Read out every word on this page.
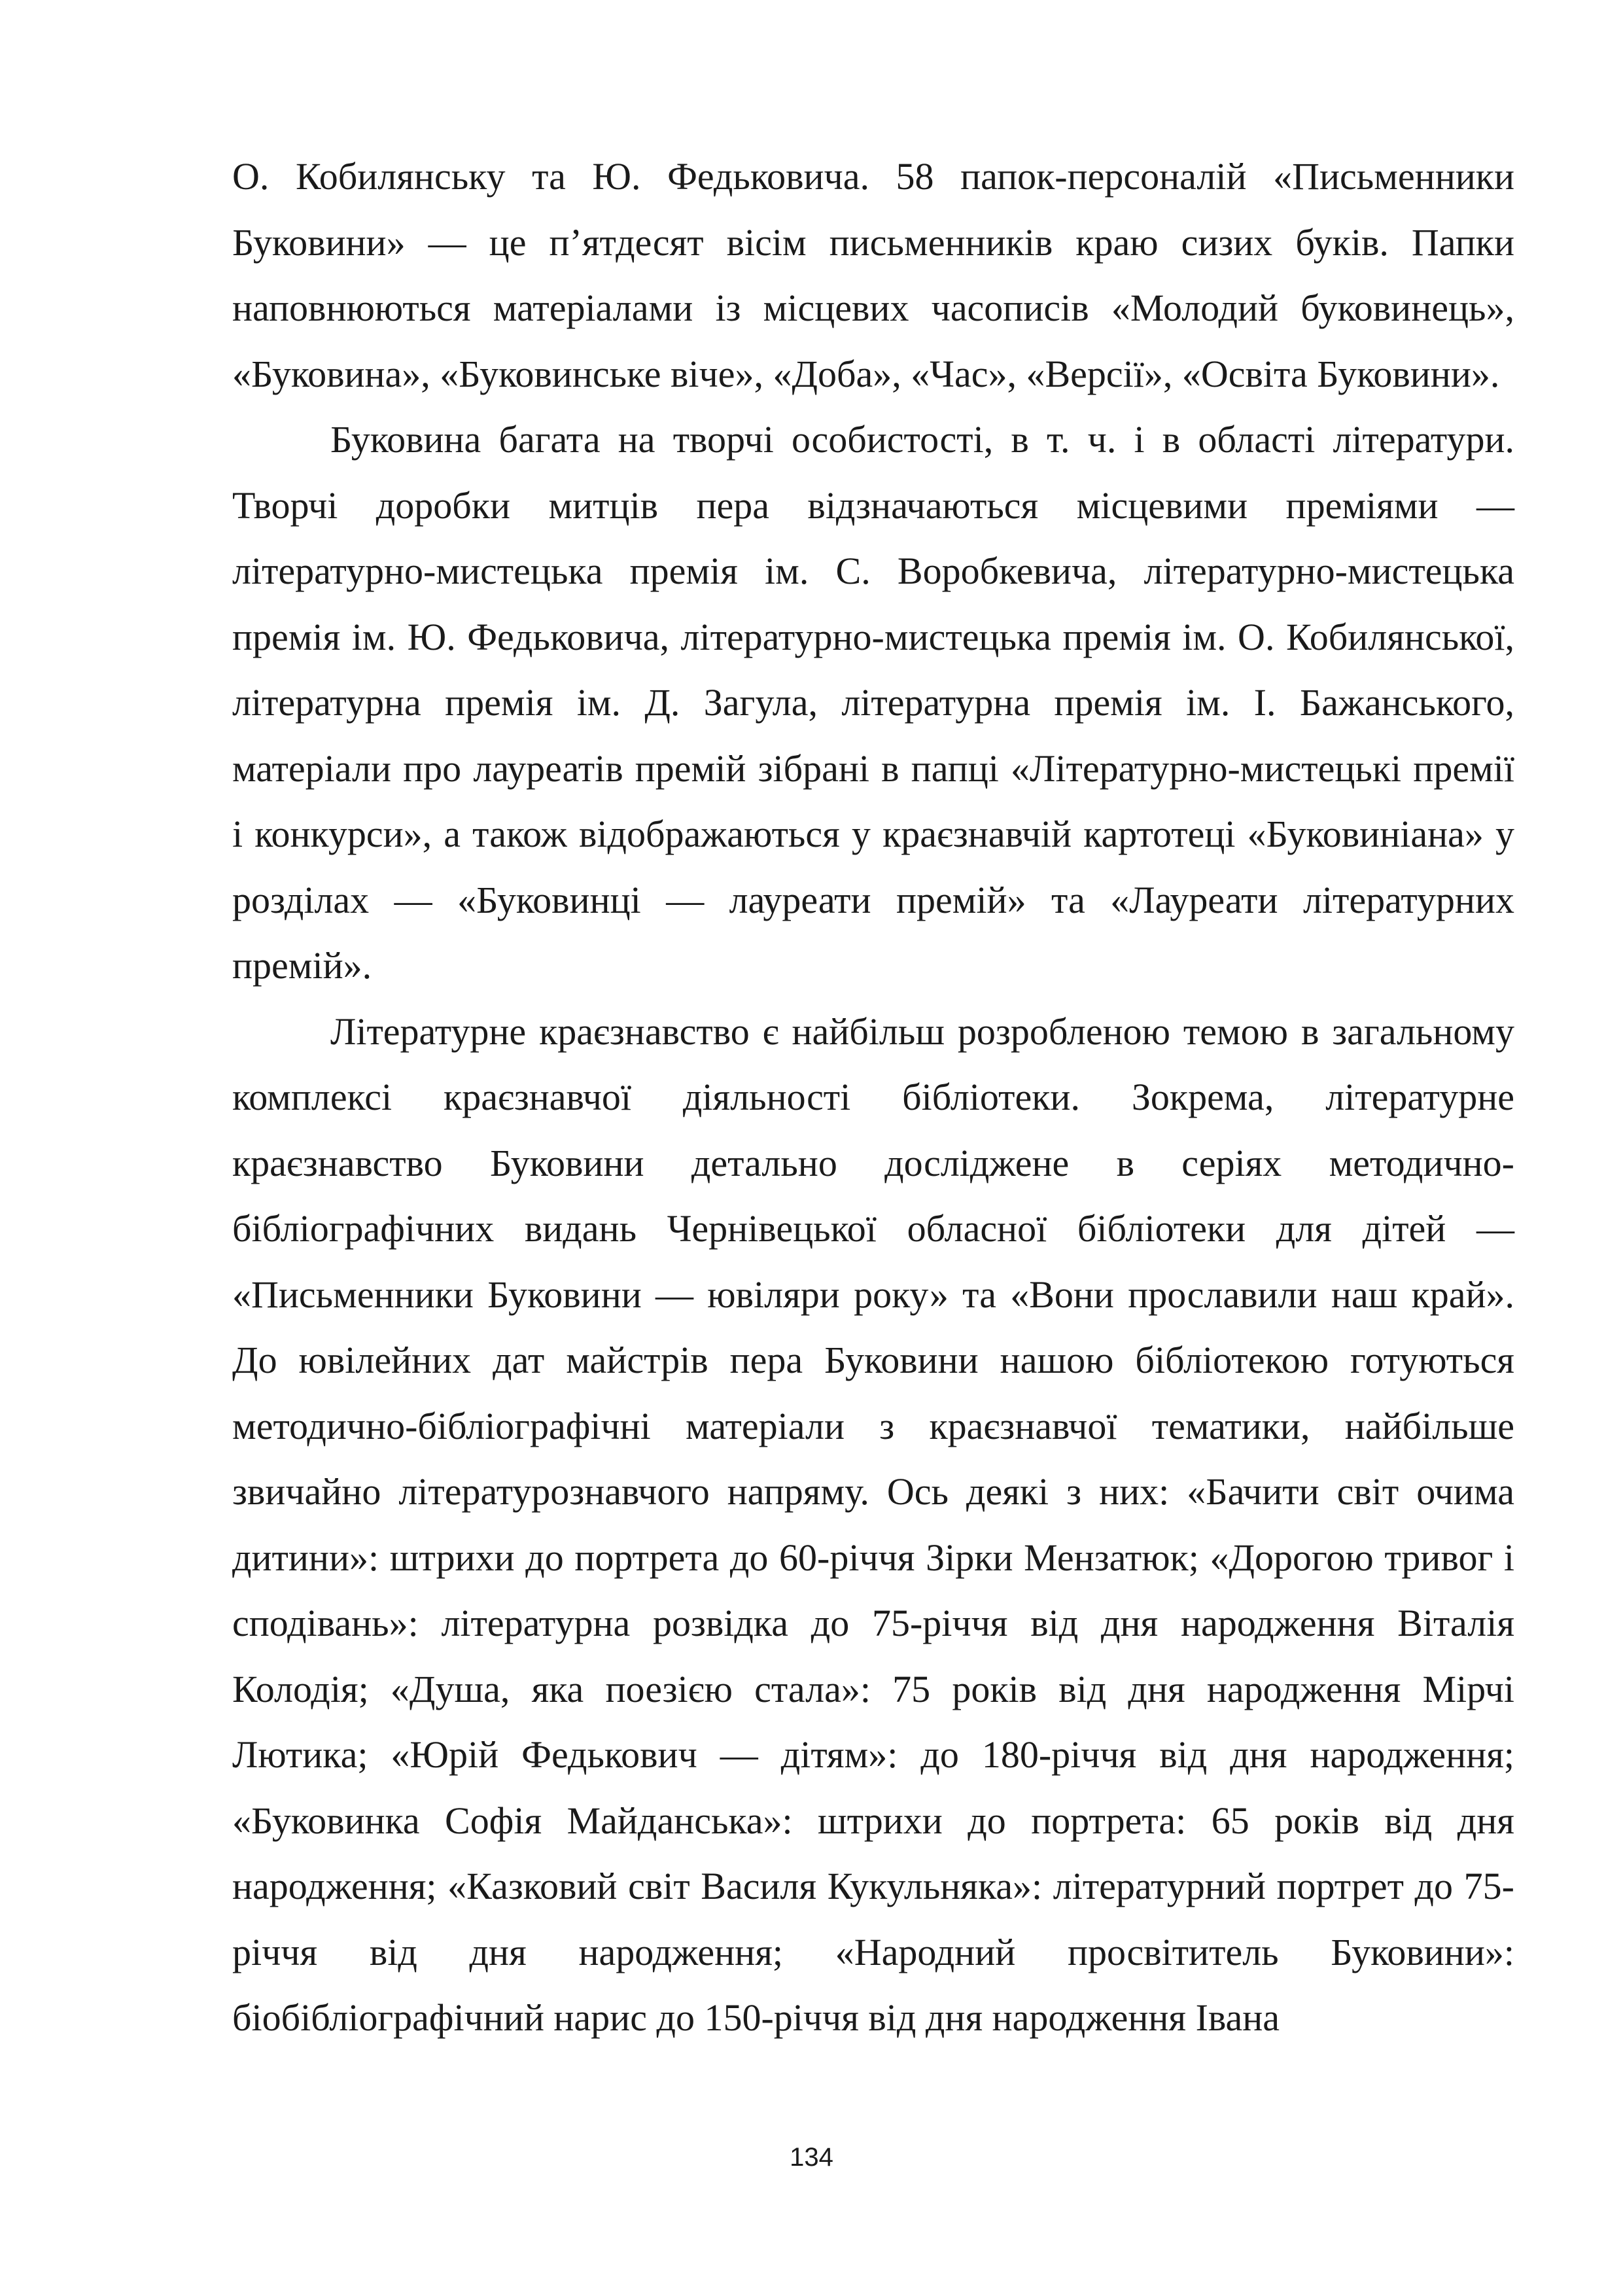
О. Кобилянську та Ю. Федьковича. 58 папок-персоналій «Письменники Буковини» — це п’ятдесят вісім письменників краю сизих буків. Папки наповнюються матеріалами із місцевих часописів «Молодий буковинець», «Буковина», «Буковинське віче», «Доба», «Час», «Версії», «Освіта Буковини».

Буковина багата на творчі особистості, в т. ч. і в області літератури. Творчі доробки митців пера відзначаються місцевими преміями — літературно-мистецька премія ім. С. Воробкевича, літературно-мистецька премія ім. Ю. Федьковича, літературно-мистецька премія ім. О. Кобилянської, літературна премія ім. Д. Загула, літературна премія ім. І. Бажанського, матеріали про лауреатів премій зібрані в папці «Літературно-мистецькі премії і конкурси», а також відображаються у краєзнавчій картотеці «Буковиніана» у розділах — «Буковинці — лауреати премій» та «Лауреати літературних премій».

Літературне краєзнавство є найбільш розробленою темою в загальному комплексі краєзнавчої діяльності бібліотеки. Зокрема, літературне краєзнавство Буковини детально досліджене в серіях методично-бібліографічних видань Чернівецької обласної бібліотеки для дітей — «Письменники Буковини — ювіляри року» та «Вони прославили наш край». До ювілейних дат майстрів пера Буковини нашою бібліотекою готуються методично-бібліографічні матеріали з краєзнавчої тематики, найбільше звичайно літературознавчого напряму. Ось деякі з них: «Бачити світ очима дитини»: штрихи до портрета до 60-річчя Зірки Мензатюк; «Дорогою тривог і сподівань»: літературна розвідка до 75-річчя від дня народження Віталія Колодія; «Душа, яка поезією стала»: 75 років від дня народження Мірчі Лютика; «Юрій Федькович — дітям»: до 180-річчя від дня народження; «Буковинка Софія Майданська»: штрихи до портрета: 65 років від дня народження; «Казковий світ Василя Кукульняка»: літературний портрет до 75-річчя від дня народження; «Народний просвітитель Буковини»: біобібліографічний нарис до 150-річчя від дня народження Івана

134
